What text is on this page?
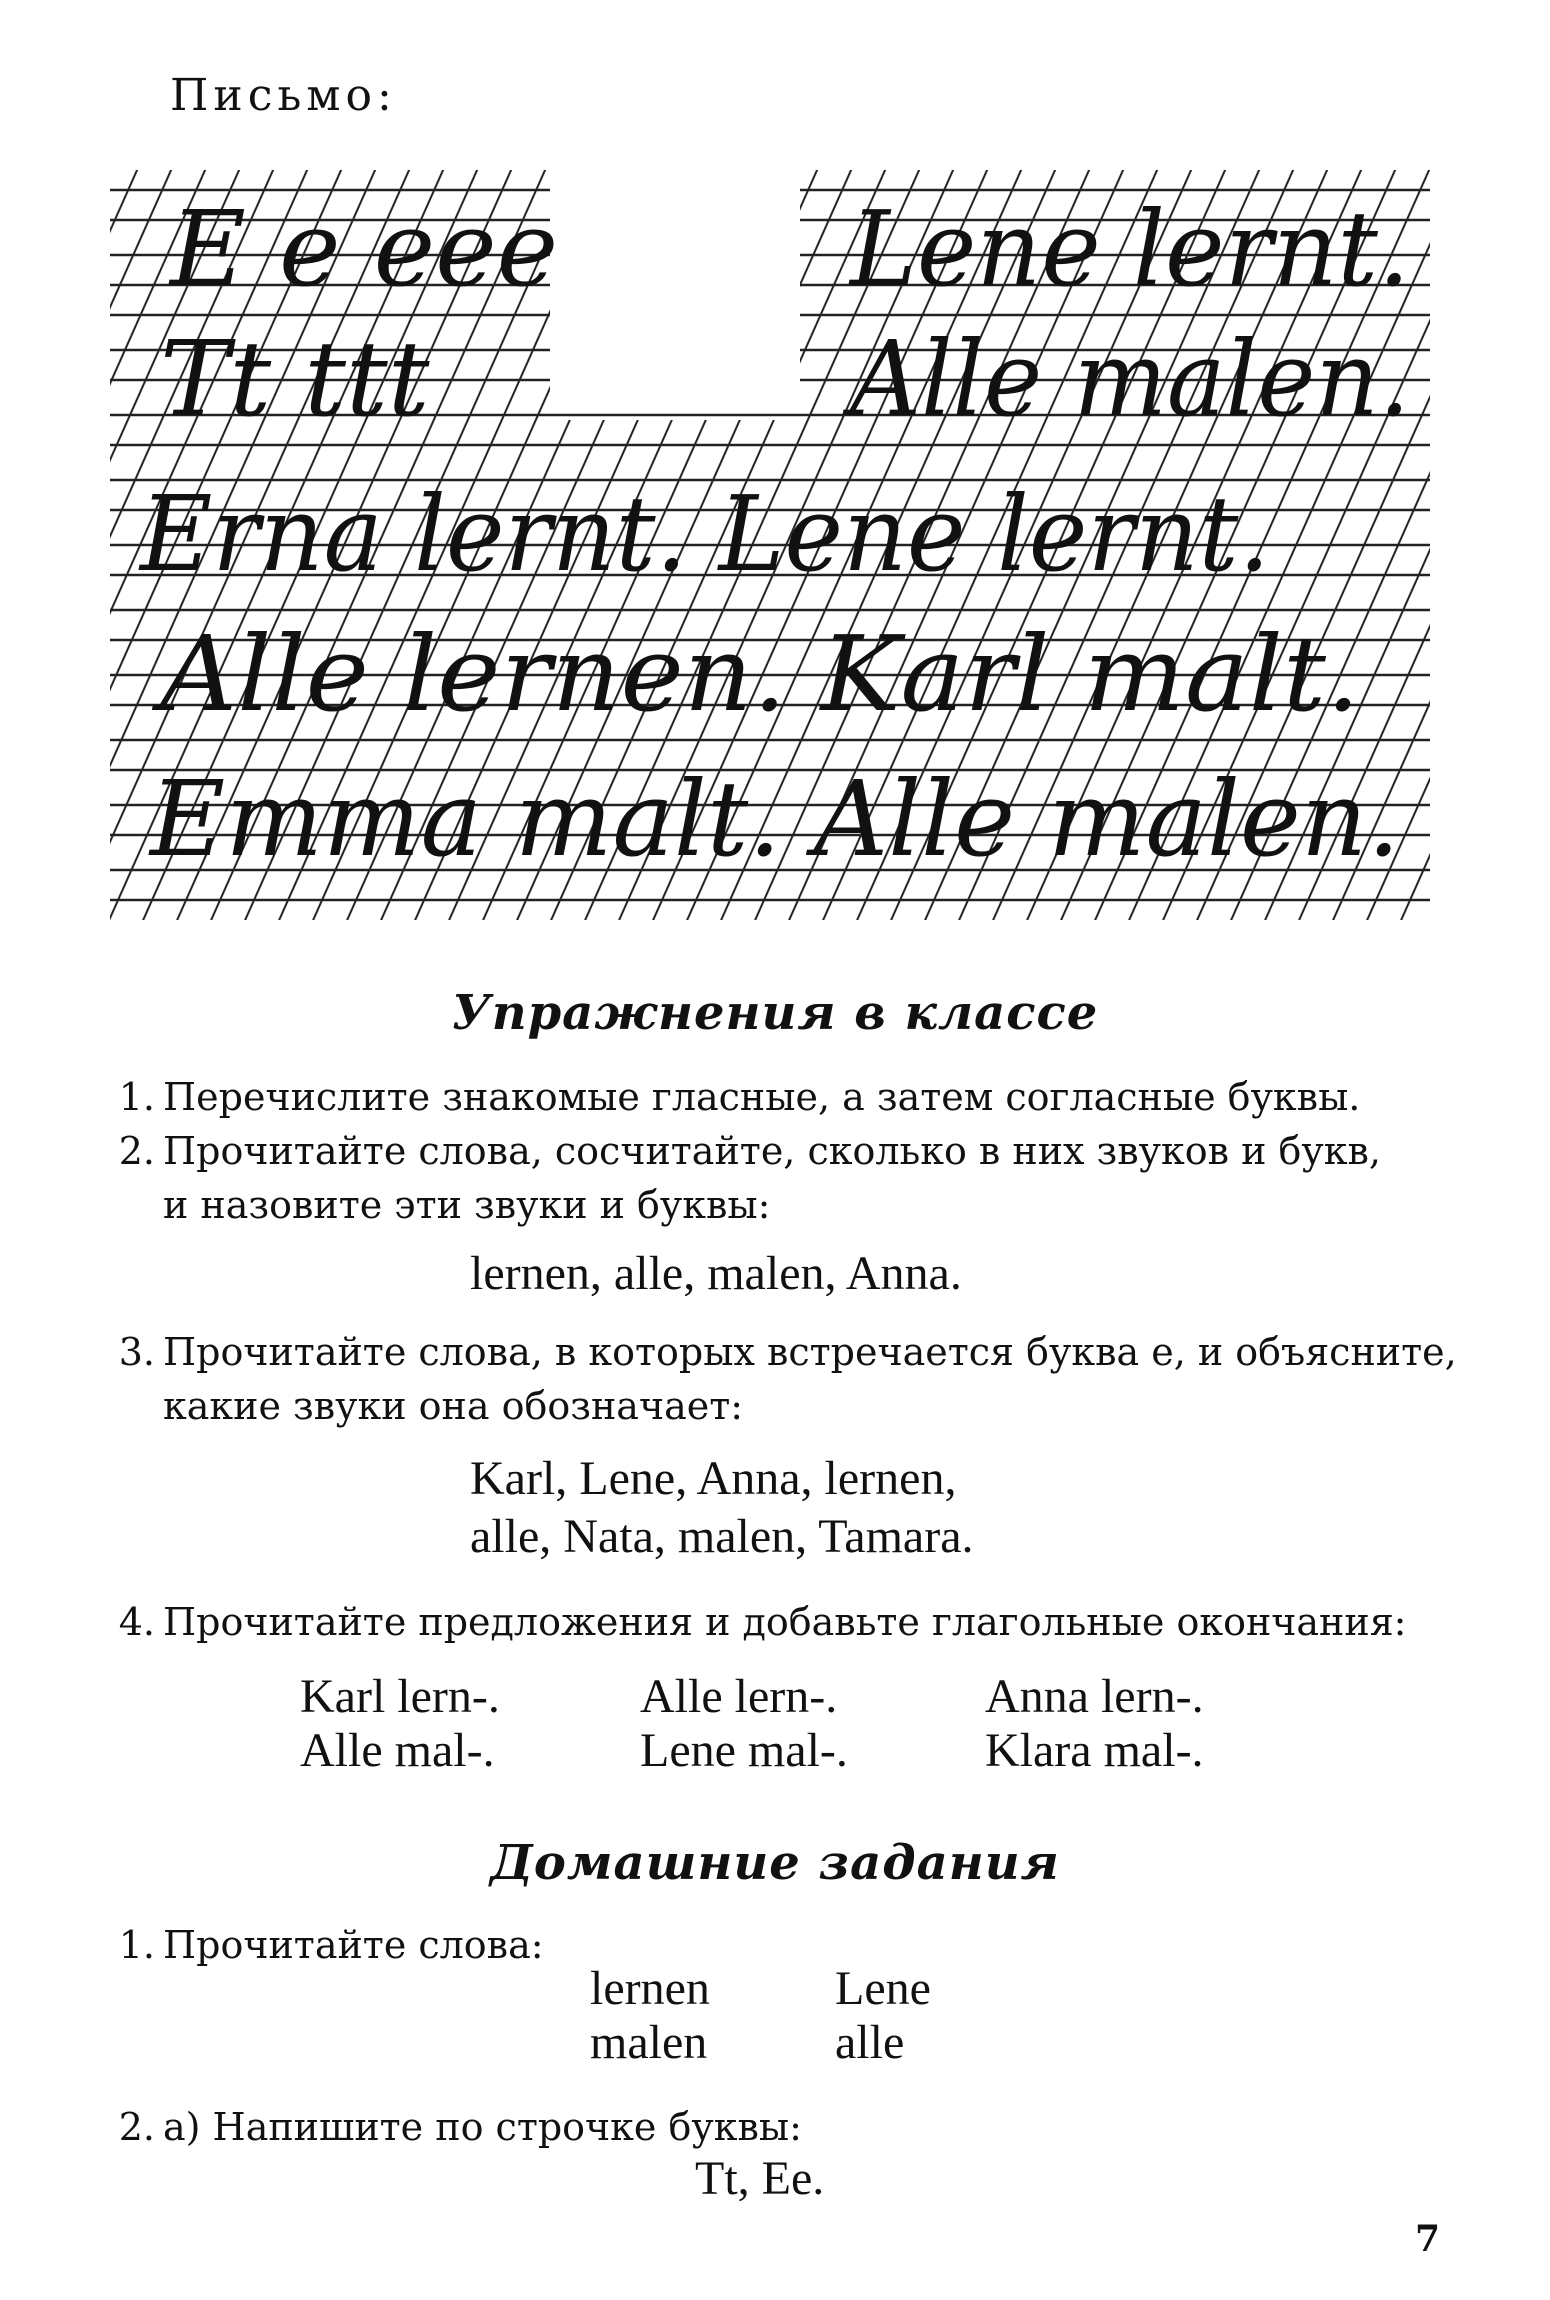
Письмо:
E e eee
Tt ttt
Lene lernt.
Alle malen.
Erna lernt. Lene lernt.
Alle lernen. Karl malt.
Emma malt. Alle malen.
Упражнения в классе
1. Перечислите знакомые гласные, а затем согласные буквы.
2. Прочитайте слова, сосчитайте, сколько в них звуков и букв,
и назовите эти звуки и буквы:
lernen, alle, malen, Anna.
3. Прочитайте слова, в которых встречается буква e, и объясните,
какие звуки она обозначает:
Karl, Lene, Anna, lernen,
alle, Nata, malen, Tamara.
4. Прочитайте предложения и добавьте глагольные окончания:
Karl lern-.	Alle lern-.	Anna lern-.
Alle mal-.	Lene mal-.	Klara mal-.
Домашние задания
1. Прочитайте слова:
lernen	Lene
malen	alle
2. а) Напишите по строчке буквы:
Tt, Ee.
7
